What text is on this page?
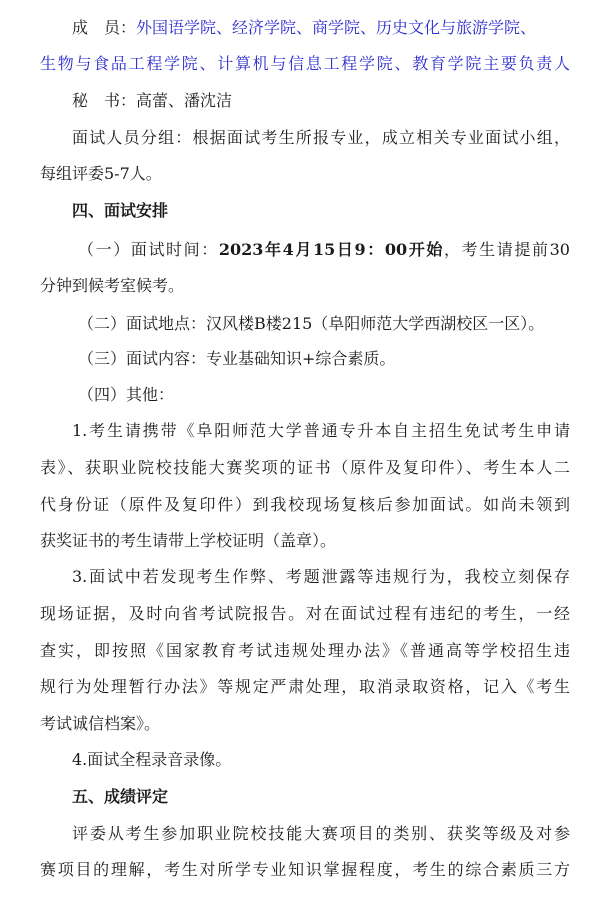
成　员：外国语学院、经济学院、商学院、历史文化与旅游学院、
生物与食品工程学院、计算机与信息工程学院、教育学院主要负责人
秘　书：高蕾、潘沈洁
面试人员分组：根据面试考生所报专业，成立相关专业面试小组，
每组评委5-7人。
四、面试安排
（一）面试时间：2023年4月15日9：00开始，考生请提前30
分钟到候考室候考。
（二）面试地点：汉风楼B楼215（阜阳师范大学西湖校区一区）。
（三）面试内容：专业基础知识+综合素质。
（四）其他：
1.考生请携带《阜阳师范大学普通专升本自主招生免试考生申请
表》、获职业院校技能大赛奖项的证书（原件及复印件）、考生本人二
代身份证（原件及复印件）到我校现场复核后参加面试。如尚未领到
获奖证书的考生请带上学校证明（盖章）。
3.面试中若发现考生作弊、考题泄露等违规行为，我校立刻保存
现场证据，及时向省考试院报告。对在面试过程有违纪的考生，一经
查实，即按照《国家教育考试违规处理办法》《普通高等学校招生违
规行为处理暂行办法》等规定严肃处理，取消录取资格，记入《考生
考试诚信档案》。
4.面试全程录音录像。
五、成绩评定
评委从考生参加职业院校技能大赛项目的类别、获奖等级及对参
赛项目的理解，考生对所学专业知识掌握程度，考生的综合素质三方
